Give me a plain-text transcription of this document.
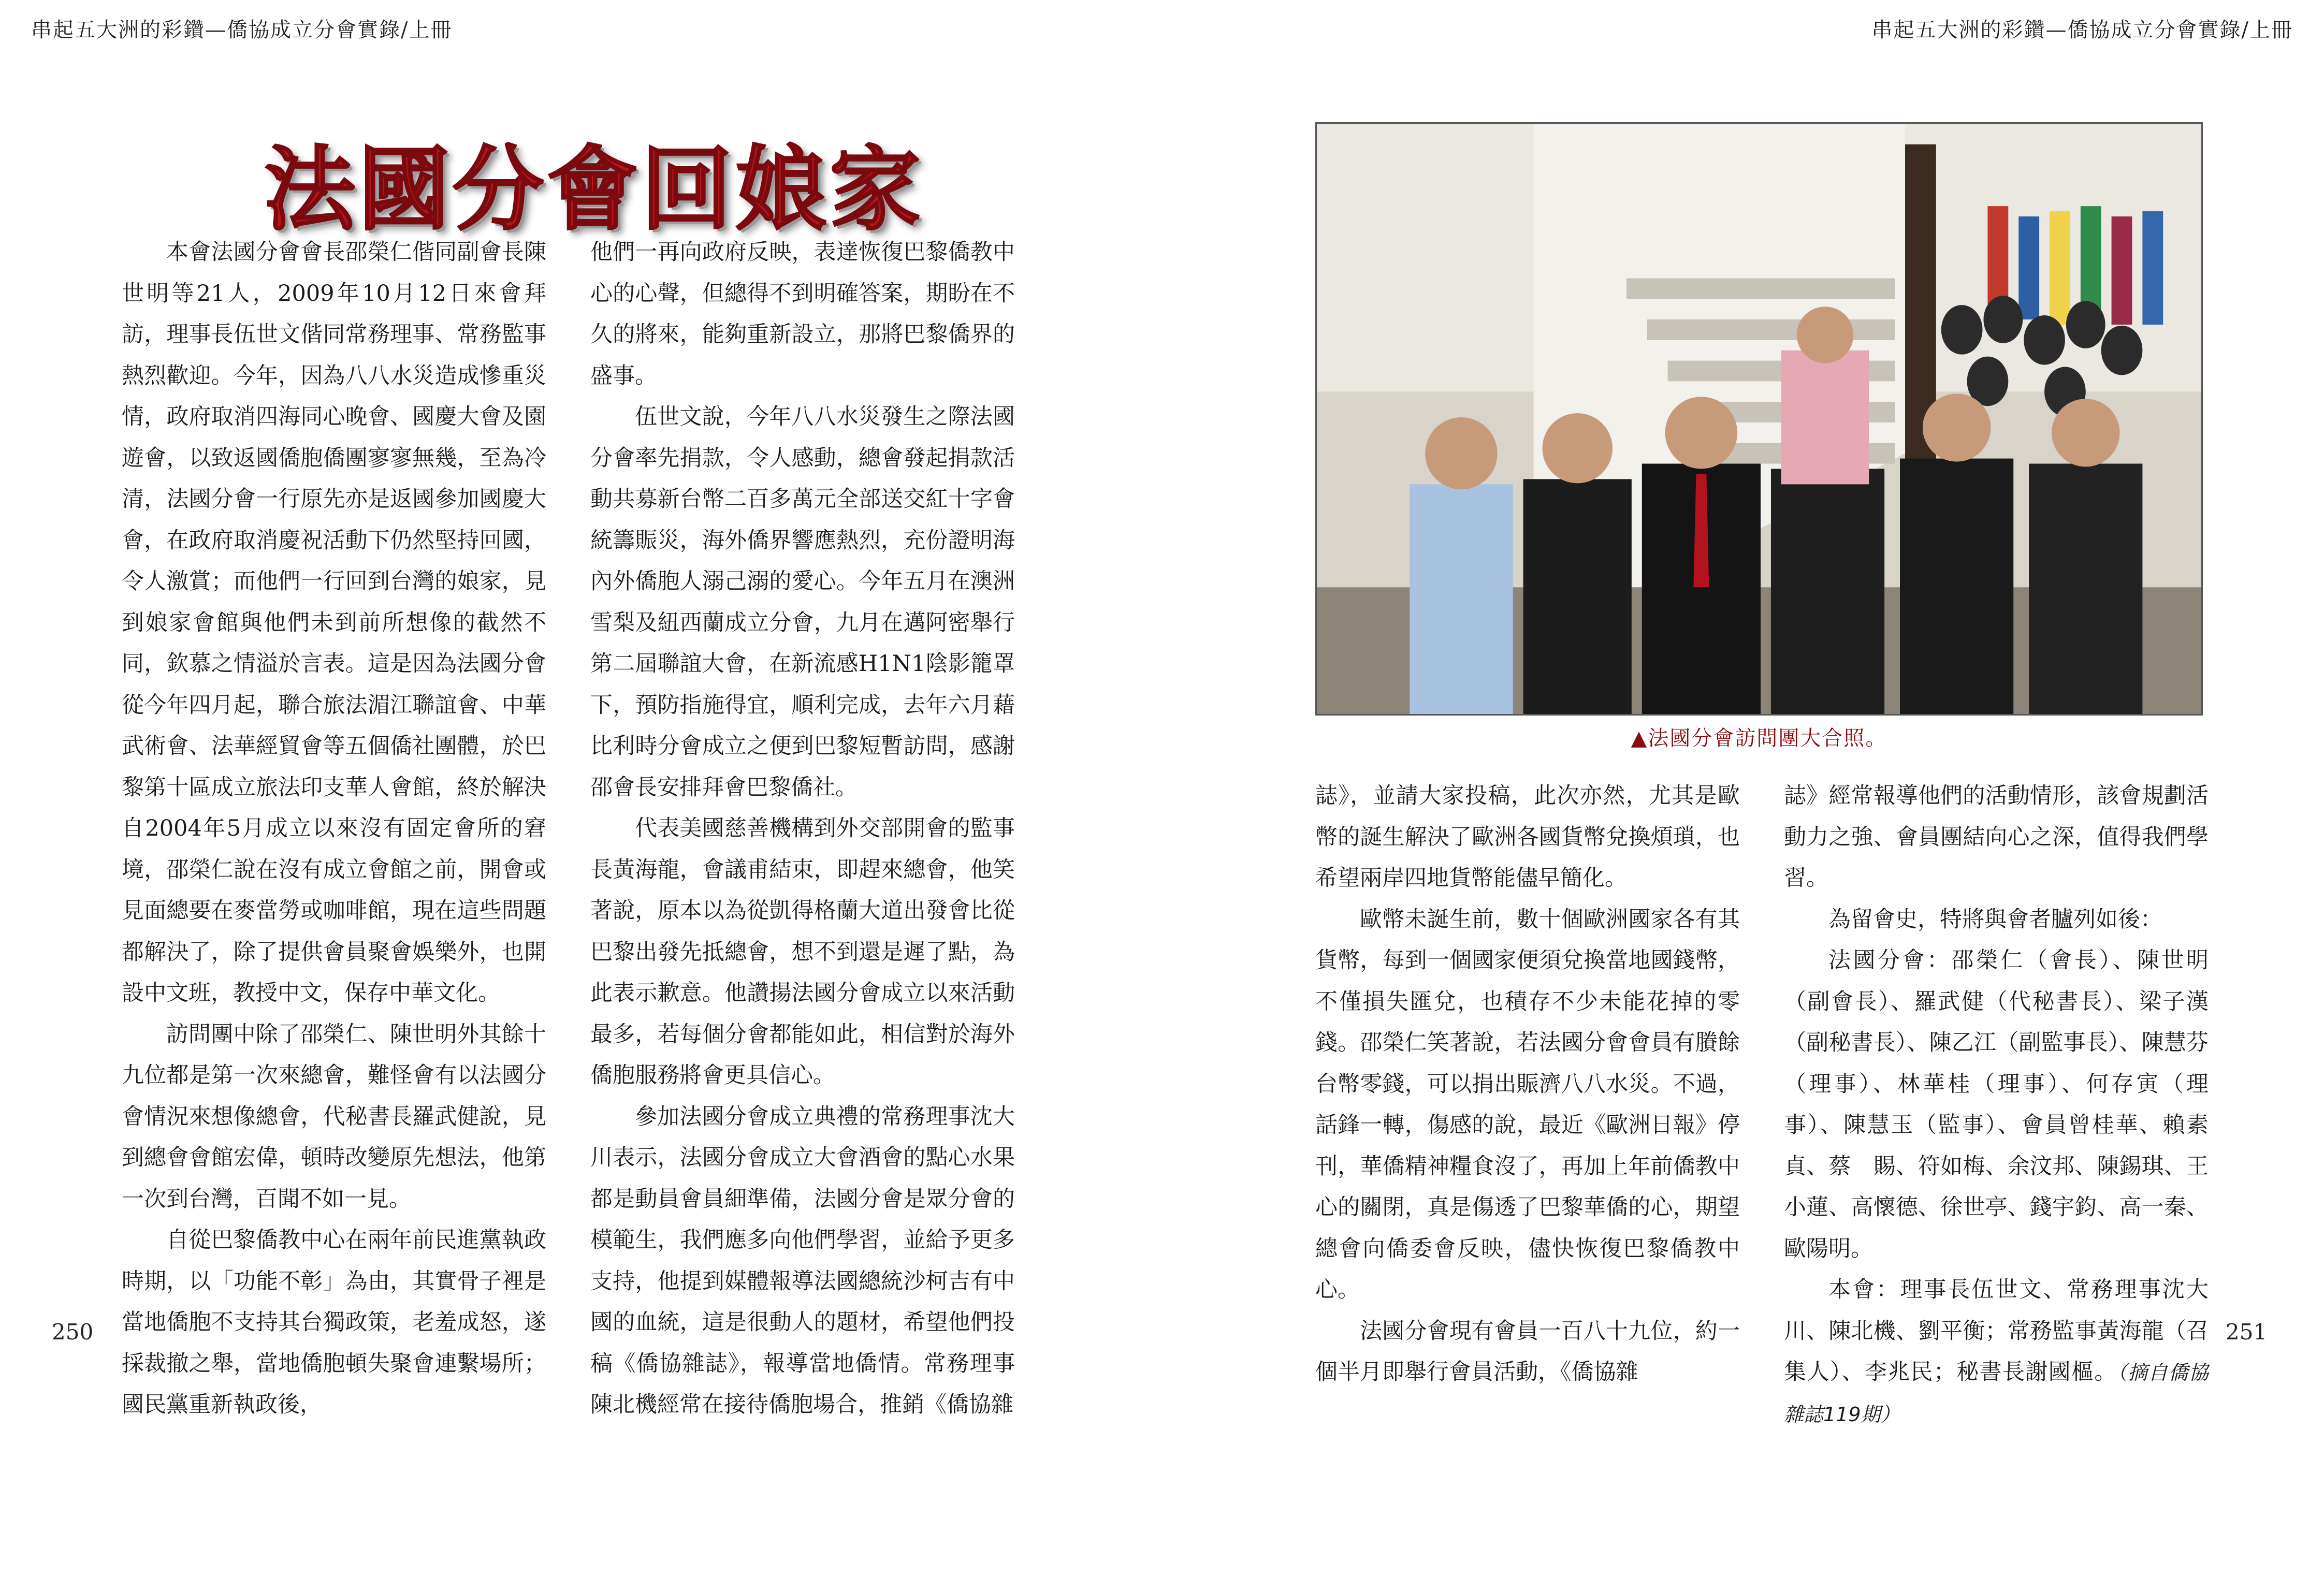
串起五大洲的彩鑽—僑協成立分會實錄/上冊	串起五大洲的彩鑽—僑協成立分會實錄/上冊
法國分會回娘家

本會法國分會會長邵榮仁偕同副會長陳世明等21人，2009年10月12日來會拜訪，理事長伍世文偕同常務理事、常務監事熱烈歡迎。今年，因為八八水災造成慘重災情，政府取消四海同心晚會、國慶大會及園遊會，以致返國僑胞僑團寥寥無幾，至為冷清，法國分會一行原先亦是返國參加國慶大會，在政府取消慶祝活動下仍然堅持回國，令人激賞；而他們一行回到台灣的娘家，見到娘家會館與他們未到前所想像的截然不同，欽慕之情溢於言表。這是因為法國分會從今年四月起，聯合旅法湄江聯誼會、中華武術會、法華經貿會等五個僑社團體，於巴黎第十區成立旅法印支華人會館，終於解決自2004年5月成立以來沒有固定會所的窘境，邵榮仁說在沒有成立會館之前，開會或見面總要在麥當勞或咖啡館，現在這些問題都解決了，除了提供會員聚會娛樂外，也開設中文班，教授中文，保存中華文化。

訪問團中除了邵榮仁、陳世明外其餘十九位都是第一次來總會，難怪會有以法國分會情況來想像總會，代秘書長羅武健說，見到總會會館宏偉，頓時改變原先想法，他第一次到台灣，百聞不如一見。

自從巴黎僑教中心在兩年前民進黨執政時期，以「功能不彰」為由，其實骨子裡是當地僑胞不支持其台獨政策，老羞成怒，遂採裁撤之舉，當地僑胞頓失聚會連繫場所；國民黨重新執政後，

他們一再向政府反映，表達恢復巴黎僑教中心的心聲，但總得不到明確答案，期盼在不久的將來，能夠重新設立，那將巴黎僑界的盛事。

伍世文說，今年八八水災發生之際法國分會率先捐款，令人感動，總會發起捐款活動共募新台幣二百多萬元全部送交紅十字會統籌賑災，海外僑界響應熱烈，充份證明海內外僑胞人溺己溺的愛心。今年五月在澳洲雪梨及紐西蘭成立分會，九月在邁阿密舉行第二屆聯誼大會，在新流感H1N1陰影籠罩下，預防指施得宜，順利完成，去年六月藉比利時分會成立之便到巴黎短暫訪問，感謝邵會長安排拜會巴黎僑社。

代表美國慈善機構到外交部開會的監事長黃海龍，會議甫結束，即趕來總會，他笑著說，原本以為從凱得格蘭大道出發會比從巴黎出發先抵總會，想不到還是遲了點，為此表示歉意。他讚揚法國分會成立以來活動最多，若每個分會都能如此，相信對於海外僑胞服務將會更具信心。

參加法國分會成立典禮的常務理事沈大川表示，法國分會成立大會酒會的點心水果都是動員會員細準備，法國分會是眾分會的模範生，我們應多向他們學習，並給予更多支持，他提到媒體報導法國總統沙柯吉有中國的血統，這是很動人的題材，希望他們投稿《僑協雜誌》，報導當地僑情。常務理事陳北機經常在接待僑胞場合，推銷《僑協雜

▲法國分會訪問團大合照。

誌》，並請大家投稿，此次亦然，尤其是歐幣的誕生解決了歐洲各國貨幣兌換煩瑣，也希望兩岸四地貨幣能儘早簡化。

歐幣未誕生前，數十個歐洲國家各有其貨幣，每到一個國家便須兌換當地國錢幣，不僅損失匯兌，也積存不少未能花掉的零錢。邵榮仁笑著說，若法國分會會員有賸餘台幣零錢，可以捐出賑濟八八水災。不過，話鋒一轉，傷感的說，最近《歐洲日報》停刊，華僑精神糧食沒了，再加上年前僑教中心的關閉，真是傷透了巴黎華僑的心，期望總會向僑委會反映，儘快恢復巴黎僑教中心。

法國分會現有會員一百八十九位，約一個半月即舉行會員活動，《僑協雜

誌》經常報導他們的活動情形，該會規劃活動力之強、會員團結向心之深，值得我們學習。

為留會史，特將與會者臚列如後：

法國分會：邵榮仁（會長）、陳世明（副會長）、羅武健（代秘書長）、梁子漢（副秘書長）、陳乙江（副監事長）、陳慧芬（理事）、林華桂（理事）、何存寅（理事）、陳慧玉（監事）、會員曾桂華、賴素貞、蔡　賜、符如梅、余汶邦、陳錫琪、王小蓮、高懷德、徐世亭、錢宇鈞、高一秦、歐陽明。

本會：理事長伍世文、常務理事沈大川、陳北機、劉平衡；常務監事黃海龍（召集人）、李兆民；秘書長謝國樞。（摘自僑協雜誌119期）

250	251
